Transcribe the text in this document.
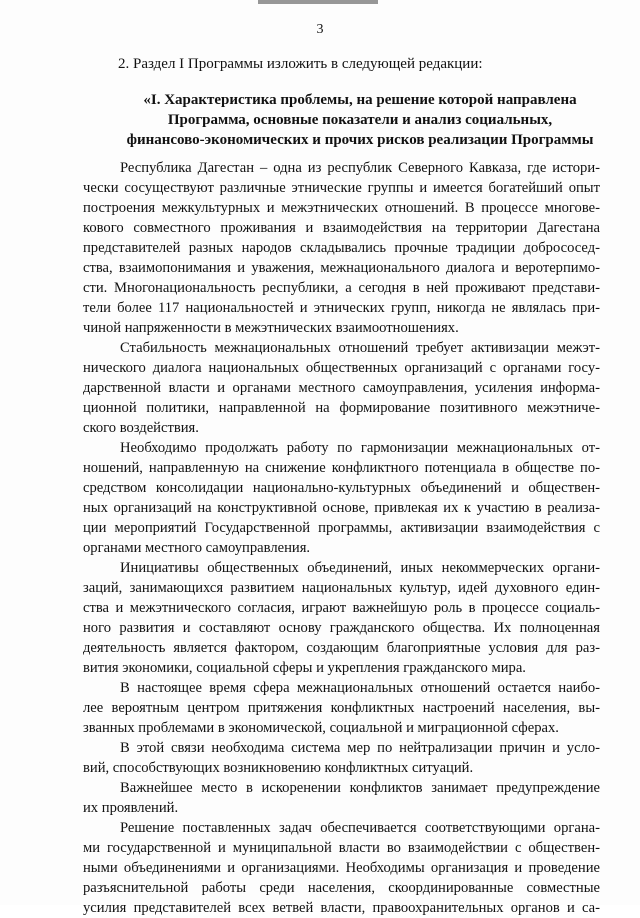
3
2. Раздел I Программы изложить в следующей редакции:
«I. Характеристика проблемы, на решение которой направлена
Программа, основные показатели и анализ социальных,
финансово-экономических и прочих рисков реализации Программы
Республика Дагестан – одна из республик Северного Кавказа, где истори-
чески сосуществуют различные этнические группы и имеется богатейший опыт
построения межкультурных и межэтнических отношений. В процессе многове-
кового совместного проживания и взаимодействия на территории Дагестана
представителей разных народов складывались прочные традиции добрососед-
ства, взаимопонимания и уважения, межнационального диалога и веротерпимо-
сти. Многонациональность республики, а сегодня в ней проживают представи-
тели более 117 национальностей и этнических групп, никогда не являлась при-
чиной напряженности в межэтнических взаимоотношениях.
Стабильность межнациональных отношений требует активизации межэт-
нического диалога национальных общественных организаций с органами госу-
дарственной власти и органами местного самоуправления, усиления информа-
ционной политики, направленной на формирование позитивного межэтниче-
ского воздействия.
Необходимо продолжать работу по гармонизации межнациональных от-
ношений, направленную на снижение конфликтного потенциала в обществе по-
средством консолидации национально-культурных объединений и обществен-
ных организаций на конструктивной основе, привлекая их к участию в реализа-
ции мероприятий Государственной программы, активизации взаимодействия с
органами местного самоуправления.
Инициативы общественных объединений, иных некоммерческих органи-
заций, занимающихся развитием национальных культур, идей духовного един-
ства и межэтнического согласия, играют важнейшую роль в процессе социаль-
ного развития и составляют основу гражданского общества. Их полноценная
деятельность является фактором, создающим благоприятные условия для раз-
вития экономики, социальной сферы и укрепления гражданского мира.
В настоящее время сфера межнациональных отношений остается наибо-
лее вероятным центром притяжения конфликтных настроений населения, вы-
званных проблемами в экономической, социальной и миграционной сферах.
В этой связи необходима система мер по нейтрализации причин и усло-
вий, способствующих возникновению конфликтных ситуаций.
Важнейшее место в искоренении конфликтов занимает предупреждение
их проявлений.
Решение поставленных задач обеспечивается соответствующими органа-
ми государственной и муниципальной власти во взаимодействии с обществен-
ными объединениями и организациями. Необходимы организация и проведение
разъяснительной работы среди населения, скоординированные совместные
усилия представителей всех ветвей власти, правоохранительных органов и са-
